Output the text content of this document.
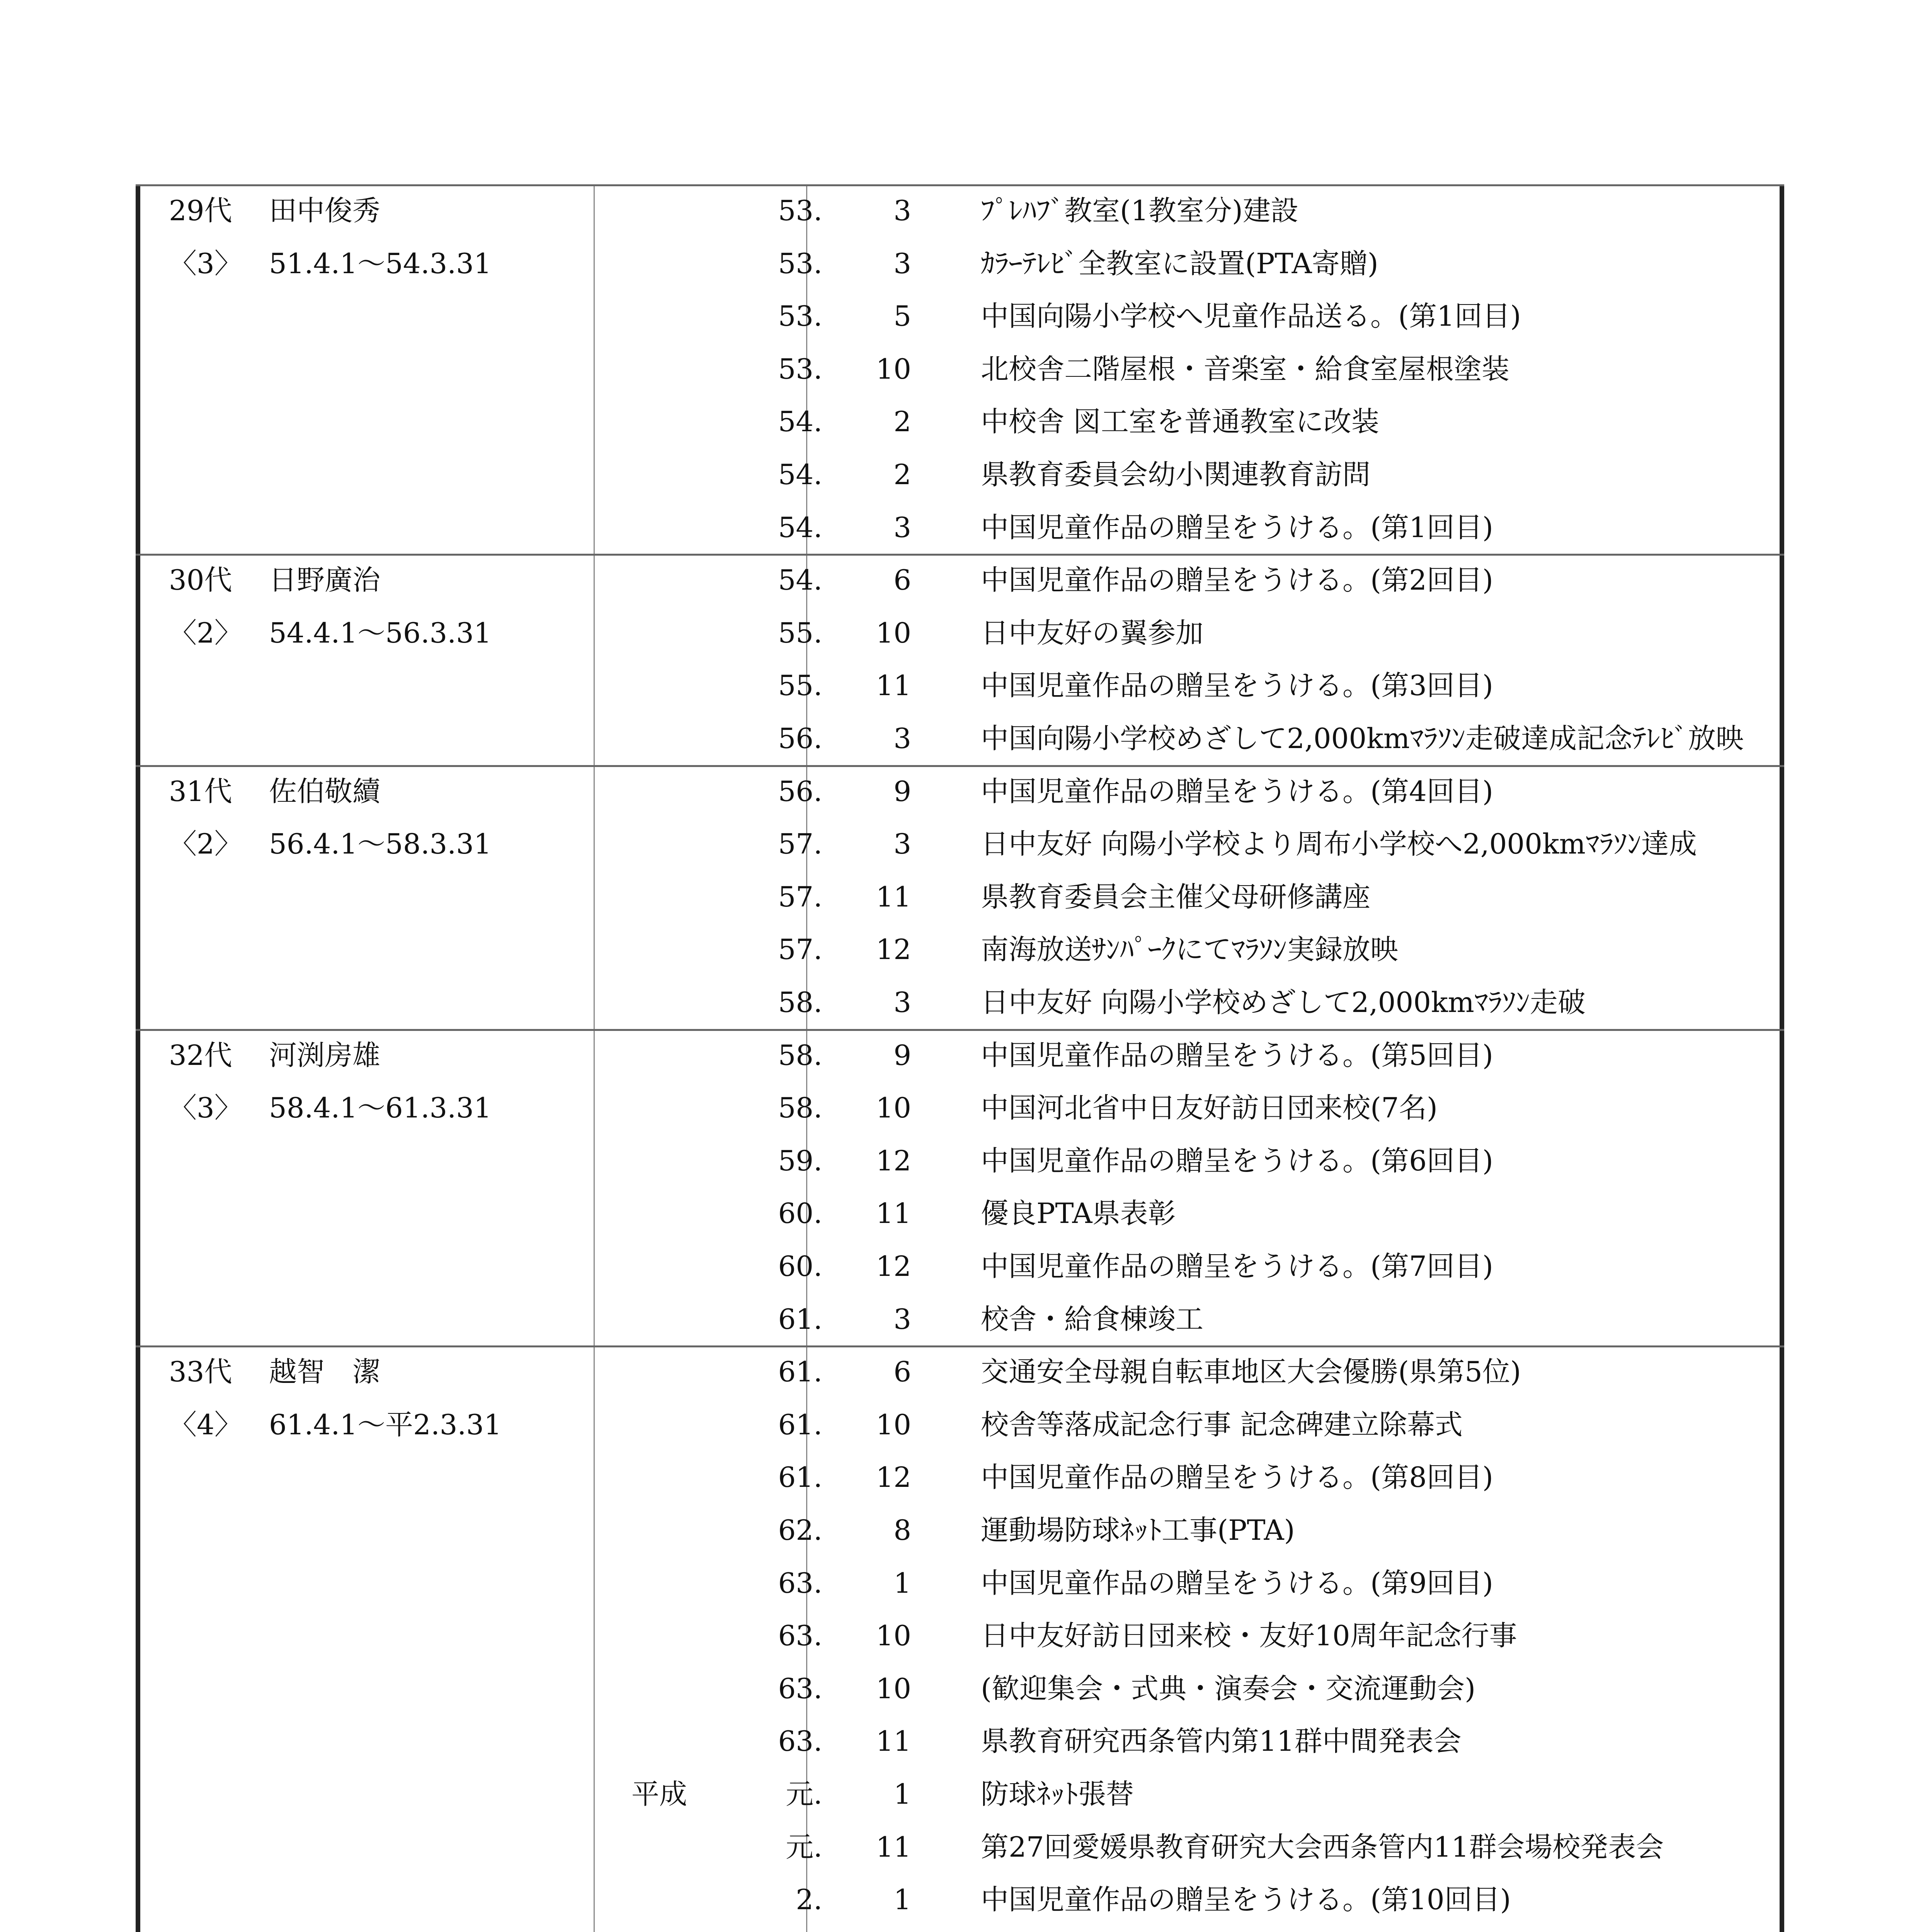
29代 田中俊秀
〈3〉 51.4.1〜54.3.31
53.	3	ﾌﾟﾚﾊﾌﾞ教室(1教室分)建設
53.	3	ｶﾗｰﾃﾚﾋﾞ全教室に設置(PTA寄贈)
53.	5	中国向陽小学校へ児童作品送る。(第1回目)
53.	10	北校舎二階屋根・音楽室・給食室屋根塗装
54.	2	中校舎 図工室を普通教室に改装
54.	2	県教育委員会幼小関連教育訪問
54.	3	中国児童作品の贈呈をうける。(第1回目)
30代 日野廣治
〈2〉 54.4.1〜56.3.31
54.	6	中国児童作品の贈呈をうける。(第2回目)
55.	10	日中友好の翼参加
55.	11	中国児童作品の贈呈をうける。(第3回目)
56.	3	中国向陽小学校めざして2,000kmﾏﾗｿﾝ走破達成記念ﾃﾚﾋﾞ放映
31代 佐伯敬續
〈2〉 56.4.1〜58.3.31
56.	9	中国児童作品の贈呈をうける。(第4回目)
57.	3	日中友好 向陽小学校より周布小学校へ2,000kmﾏﾗｿﾝ達成
57.	11	県教育委員会主催父母研修講座
57.	12	南海放送ｻﾝﾊﾟｰｸにてﾏﾗｿﾝ実録放映
58.	3	日中友好 向陽小学校めざして2,000kmﾏﾗｿﾝ走破
32代 河渕房雄
〈3〉 58.4.1〜61.3.31
58.	9	中国児童作品の贈呈をうける。(第5回目)
58.	10	中国河北省中日友好訪日団来校(7名)
59.	12	中国児童作品の贈呈をうける。(第6回目)
60.	11	優良PTA県表彰
60.	12	中国児童作品の贈呈をうける。(第7回目)
61.	3	校舎・給食棟竣工
33代 越智　潔
〈4〉 61.4.1〜平2.3.31
61.	6	交通安全母親自転車地区大会優勝(県第5位)
61.	10	校舎等落成記念行事 記念碑建立除幕式
61.	12	中国児童作品の贈呈をうける。(第8回目)
62.	8	運動場防球ﾈｯﾄ工事(PTA)
63.	1	中国児童作品の贈呈をうける。(第9回目)
63.	10	日中友好訪日団来校・友好10周年記念行事
63.	10	(歓迎集会・式典・演奏会・交流運動会)
63.	11	県教育研究西条管内第11群中間発表会
平成	元.	1	防球ﾈｯﾄ張替
元.	11	第27回愛媛県教育研究大会西条管内11群会場校発表会
2.	1	中国児童作品の贈呈をうける。(第10回目)
